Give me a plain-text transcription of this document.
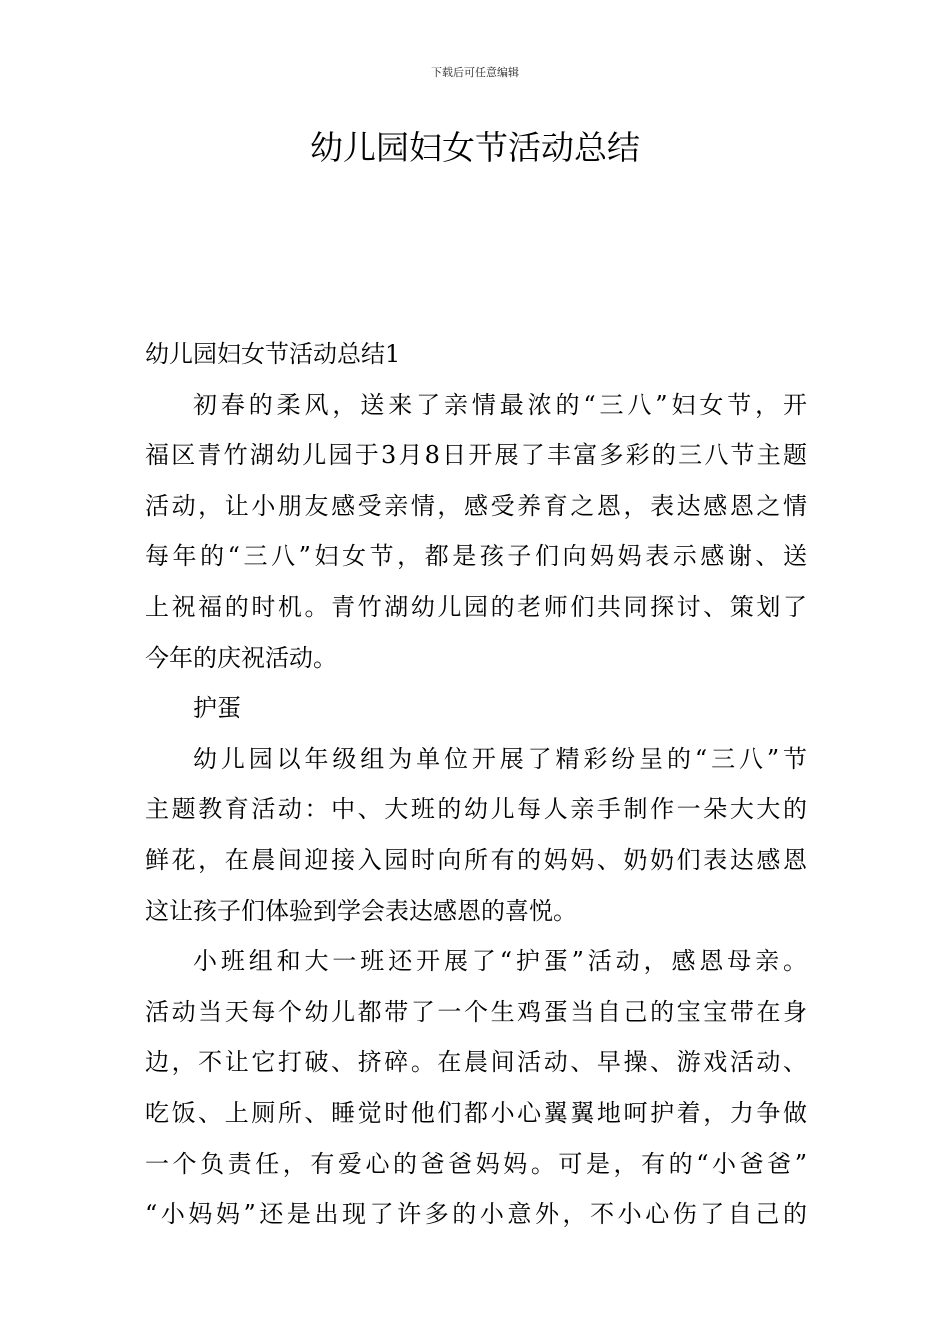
下载后可任意编辑
幼儿园妇女节活动总结
幼儿园妇女节活动总结1
初春的柔风，送来了亲情最浓的“三八”妇女节，开
福区青竹湖幼儿园于3月8日开展了丰富多彩的三八节主题
活动，让小朋友感受亲情，感受养育之恩，表达感恩之情
每年的“三八”妇女节，都是孩子们向妈妈表示感谢、送
上祝福的时机。青竹湖幼儿园的老师们共同探讨、策划了
今年的庆祝活动。
护蛋
幼儿园以年级组为单位开展了精彩纷呈的“三八”节
主题教育活动：中、大班的幼儿每人亲手制作一朵大大的
鲜花，在晨间迎接入园时向所有的妈妈、奶奶们表达感恩
这让孩子们体验到学会表达感恩的喜悦。
小班组和大一班还开展了“护蛋”活动，感恩母亲。
活动当天每个幼儿都带了一个生鸡蛋当自己的宝宝带在身
边，不让它打破、挤碎。在晨间活动、早操、游戏活动、
吃饭、上厕所、睡觉时他们都小心翼翼地呵护着，力争做
一个负责任，有爱心的爸爸妈妈。可是，有的“小爸爸”
“小妈妈”还是出现了许多的小意外，不小心伤了自己的
